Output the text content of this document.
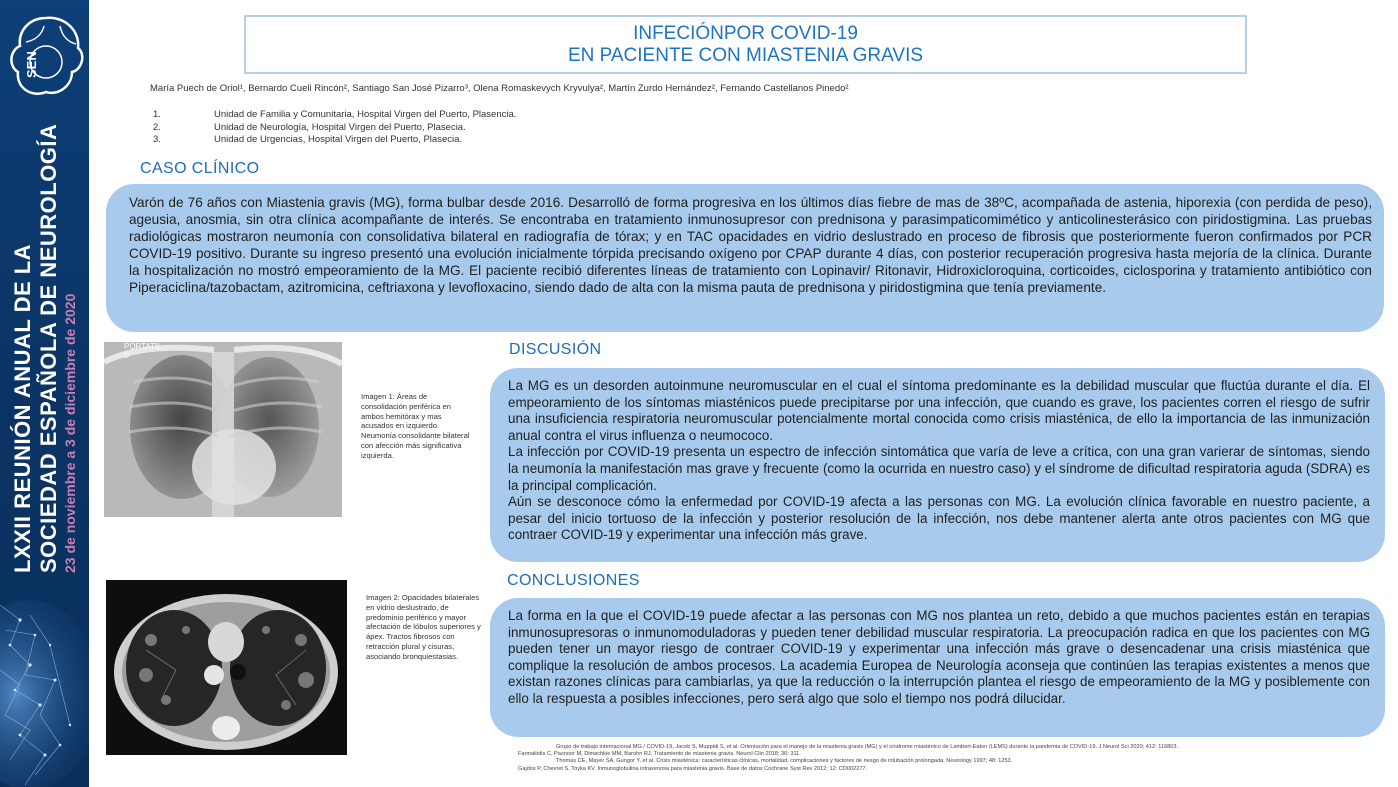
SEN
LXXII REUNIÓN ANUAL DE LA SOCIEDAD ESPAÑOLA DE NEUROLOGÍA 23 de noviembre a 3 de diciembre de 2020
INFECIÓNPOR COVID-19
EN PACIENTE CON MIASTENIA GRAVIS
María Puech de Oriol¹, Bernardo Cueli Rincón², Santiago San José Pizarro³, Olena Romaskevych Kryvulya², Martín Zurdo Hernández², Fernando Castellanos Pinedo²
1.	Unidad de Familia y Comunitaria, Hospital Virgen del Puerto, Plasencia.
2.	Unidad de Neurología, Hospital Virgen del Puerto, Plasecia.
3.	Unidad de Urgencias, Hospital Virgen del Puerto, Plasecia.
CASO CLÍNICO

Varón de 76 años con Miastenia gravis (MG), forma bulbar desde 2016. Desarrolló de forma progresiva en los últimos días fiebre de mas de 38ºC, acompañada de astenia, hiporexia (con perdida de peso), ageusia, anosmia, sin otra clínica acompañante de interés. Se encontraba en tratamiento inmunosupresor con prednisona y parasimpaticomimético y anticolinesterásico con piridostigmina. Las pruebas radiológicas mostraron neumonía con consolidativa bilateral en radiografía de tórax; y en TAC opacidades en vidrio deslustrado en proceso de fibrosis que posteriormente fueron confirmados por PCR COVID-19 positivo. Durante su ingreso presentó una evolución inicialmente tórpida precisando oxígeno por CPAP durante 4 días, con posterior recuperación progresiva hasta mejoría de la clínica. Durante la hospitalización no mostró empeoramiento de la MG. El paciente recibió diferentes líneas de tratamiento con Lopinavir/ Ritonavir, Hidroxicloroquina, corticoides, ciclosporina y tratamiento antibiótico con Piperaciclina/tazobactam, azitromicina, ceftriaxona y levofloxacino, siendo dado de alta con la misma pauta de prednisona y piridostigmina que tenía previamente.

PORTATIL
D
Imagen 1: Áreas de consolidación periférica en ambos hemitórax y mas acusados en izquierdo. Neumonía consolidante bilateral con afección más significativa izquierda.
DISCUSIÓN

La MG es un desorden autoinmune neuromuscular en el cual el síntoma predominante es la debilidad muscular que fluctúa durante el día. El empeoramiento de los síntomas miasténicos puede precipitarse por una infección, que cuando es grave, los pacientes corren el riesgo de sufrir una insuficiencia respiratoria neuromuscular potencialmente mortal conocida como crisis miasténica, de ello la importancia de las inmunización anual contra el virus influenza o neumococo.

La infección por COVID-19 presenta un espectro de infección sintomática que varía de leve a crítica, con una gran varierar de síntomas, siendo la neumonía la manifestación mas grave y frecuente (como la ocurrida en nuestro caso) y el síndrome de dificultad respiratoria aguda (SDRA) es la principal complicación.

Aún se desconoce cómo la enfermedad por COVID-19 afecta a las personas con MG. La evolución clínica favorable en nuestro paciente, a pesar del inicio tortuoso de la infección y posterior resolución de la infección, nos debe mantener alerta ante otros pacientes con MG que contraer COVID-19 y experimentar una infección más grave.

Imagen 2: Opacidades bilaterales en vidrio deslustrado, de predominio periférico y mayor afectación de lóbulos superiores y ápex. Tractos fibrosos con retracción plural y cisuras, asociando bronquiestasias.
CONCLUSIONES

La forma en la que el COVID-19 puede afectar a las personas con MG nos plantea un reto, debido a que muchos pacientes están en terapias inmunosupresoras o inmunomoduladoras y pueden tener debilidad muscular respiratoria. La preocupación radica en que los pacientes con MG pueden tener un mayor riesgo de contraer COVID-19 y experimentar una infección más grave o desencadenar una crisis miasténica que complique la resolución de ambos procesos. La academia Europea de Neurología aconseja que continúen las terapias existentes a menos que existan razones clínicas para cambiarlas, ya que la reducción o la interrupción plantea el riesgo de empeoramiento de la MG y posiblemente con ello la respuesta a posibles infecciones, pero será algo que solo el tiempo nos podrá dilucidar.

Grupo de trabajo internacional MG / COVID-19, Jacob S, Muppidi S, et al. Orientación para el manejo de la miastenia gravis (MG) y el síndrome miasténico de Lambert-Eaton (LEMS) durante la pandemia de COVID-19. J Neurol Sci 2020; 412: 116803.
Farmakidis C, Pasnoor M, Dimachkie MM, Barohn RJ. Tratamiento de miastenia gravis. Neurol Clin 2018; 36: 311.
Thomas CE, Mayer SA, Gungor Y, et al. Crisis miasténica: características clínicas, mortalidad, complicaciones y factores de riesgo de intubación prolongada. Neurology 1997; 48: 1253.
Gajdos P, Chevret S, Toyka KV. Inmunoglobulina intravenosa para miastenia gravis. Base de datos Cochrane Syst Rev 2012; 12: CD002277.
